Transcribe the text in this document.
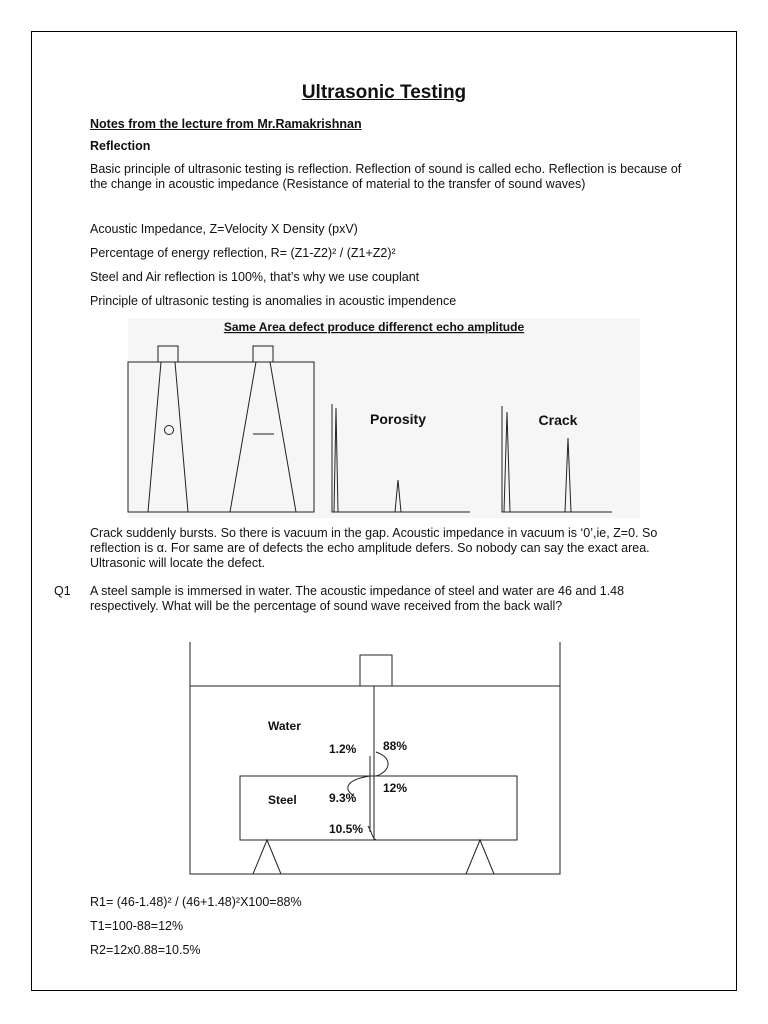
Ultrasonic Testing

Notes from the lecture from Mr.Ramakrishnan

Reflection

Basic principle of ultrasonic testing is reflection. Reflection of sound is called echo. Reflection is because of the change in acoustic impedance (Resistance of material to the transfer of sound waves)

Acoustic Impedance, Z=Velocity X Density (pxV)

Percentage of energy reflection, R= (Z1-Z2)² / (Z1+Z2)²

Steel and Air reflection is 100%, that’s why we use couplant

Principle of ultrasonic testing is anomalies in acoustic impendence

Same Area defect produce differenct echo amplitude
Porosity	Crack

Crack suddenly bursts. So there is vacuum in the gap. Acoustic impedance in vacuum is ‘0’,ie, Z=0. So reflection is α. For same are of defects the echo amplitude defers. So nobody can say the exact area. Ultrasonic will locate the defect.

Q1 A steel sample is immersed in water. The acoustic impedance of steel and water are 46 and 1.48 respectively. What will be the percentage of sound wave received from the back wall?

Water
Steel
1.2% 88%
12%
9.3%
10.5%

R1= (46-1.48)² / (46+1.48)²X100=88%

T1=100-88=12%

R2=12x0.88=10.5%
